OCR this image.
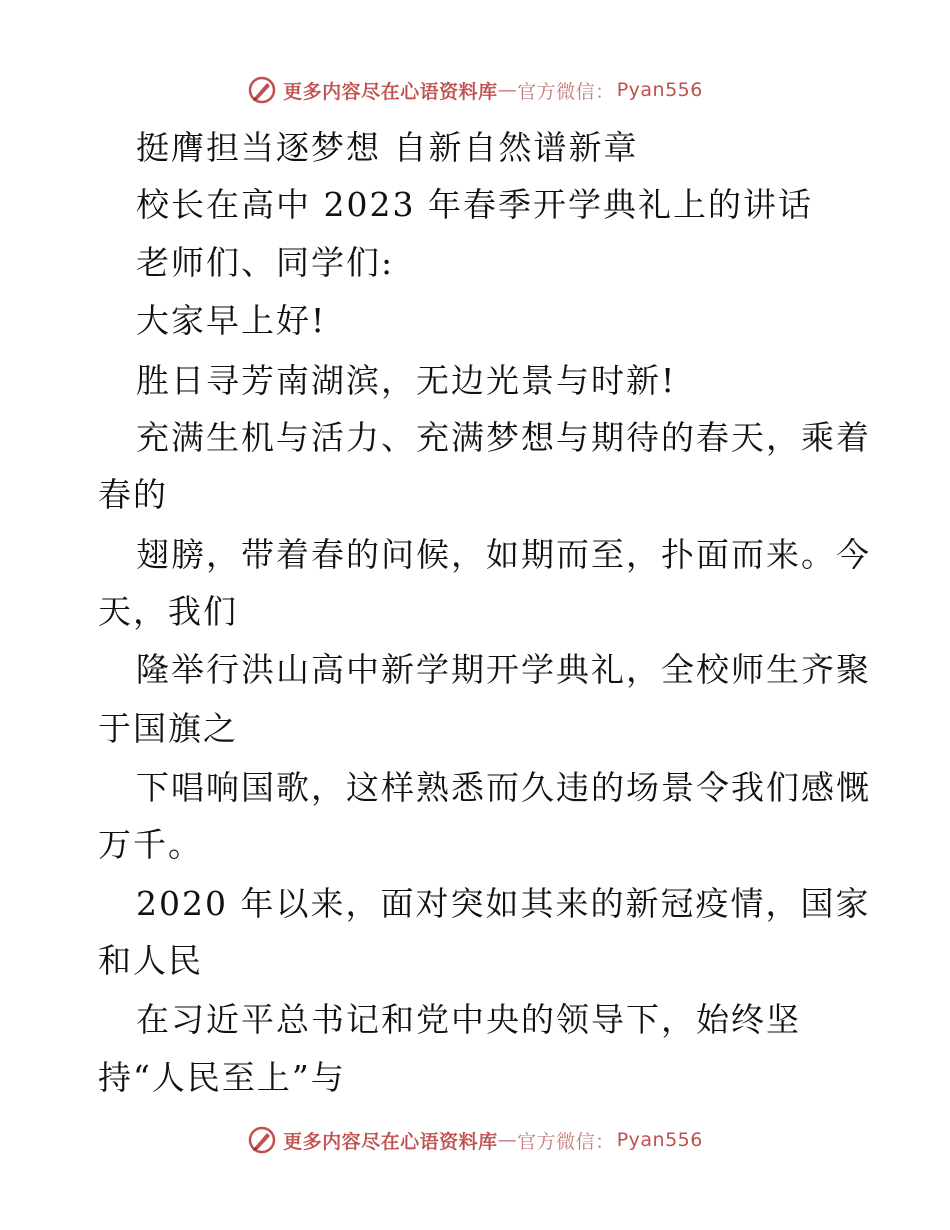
更多内容尽在心语资料库 — 官方微信： Pyan556
挺膺担当逐梦想 自新自然谱新章
校长在高中 2023 年春季开学典礼上的讲话
老师们、同学们:
大家早上好!
胜日寻芳南湖滨，无边光景与时新!
充满生机与活力、充满梦想与期待的春天，乘着
春的
翅膀，带着春的问候，如期而至，扑面而来。今
天，我们
隆举行洪山高中新学期开学典礼，全校师生齐聚
于国旗之
下唱响国歌，这样熟悉而久违的场景令我们感慨
万千。
2020 年以来，面对突如其来的新冠疫情，国家
和人民
在习近平总书记和党中央的领导下，始终坚
持“人民至上”与
更多内容尽在心语资料库 — 官方微信： Pyan556
